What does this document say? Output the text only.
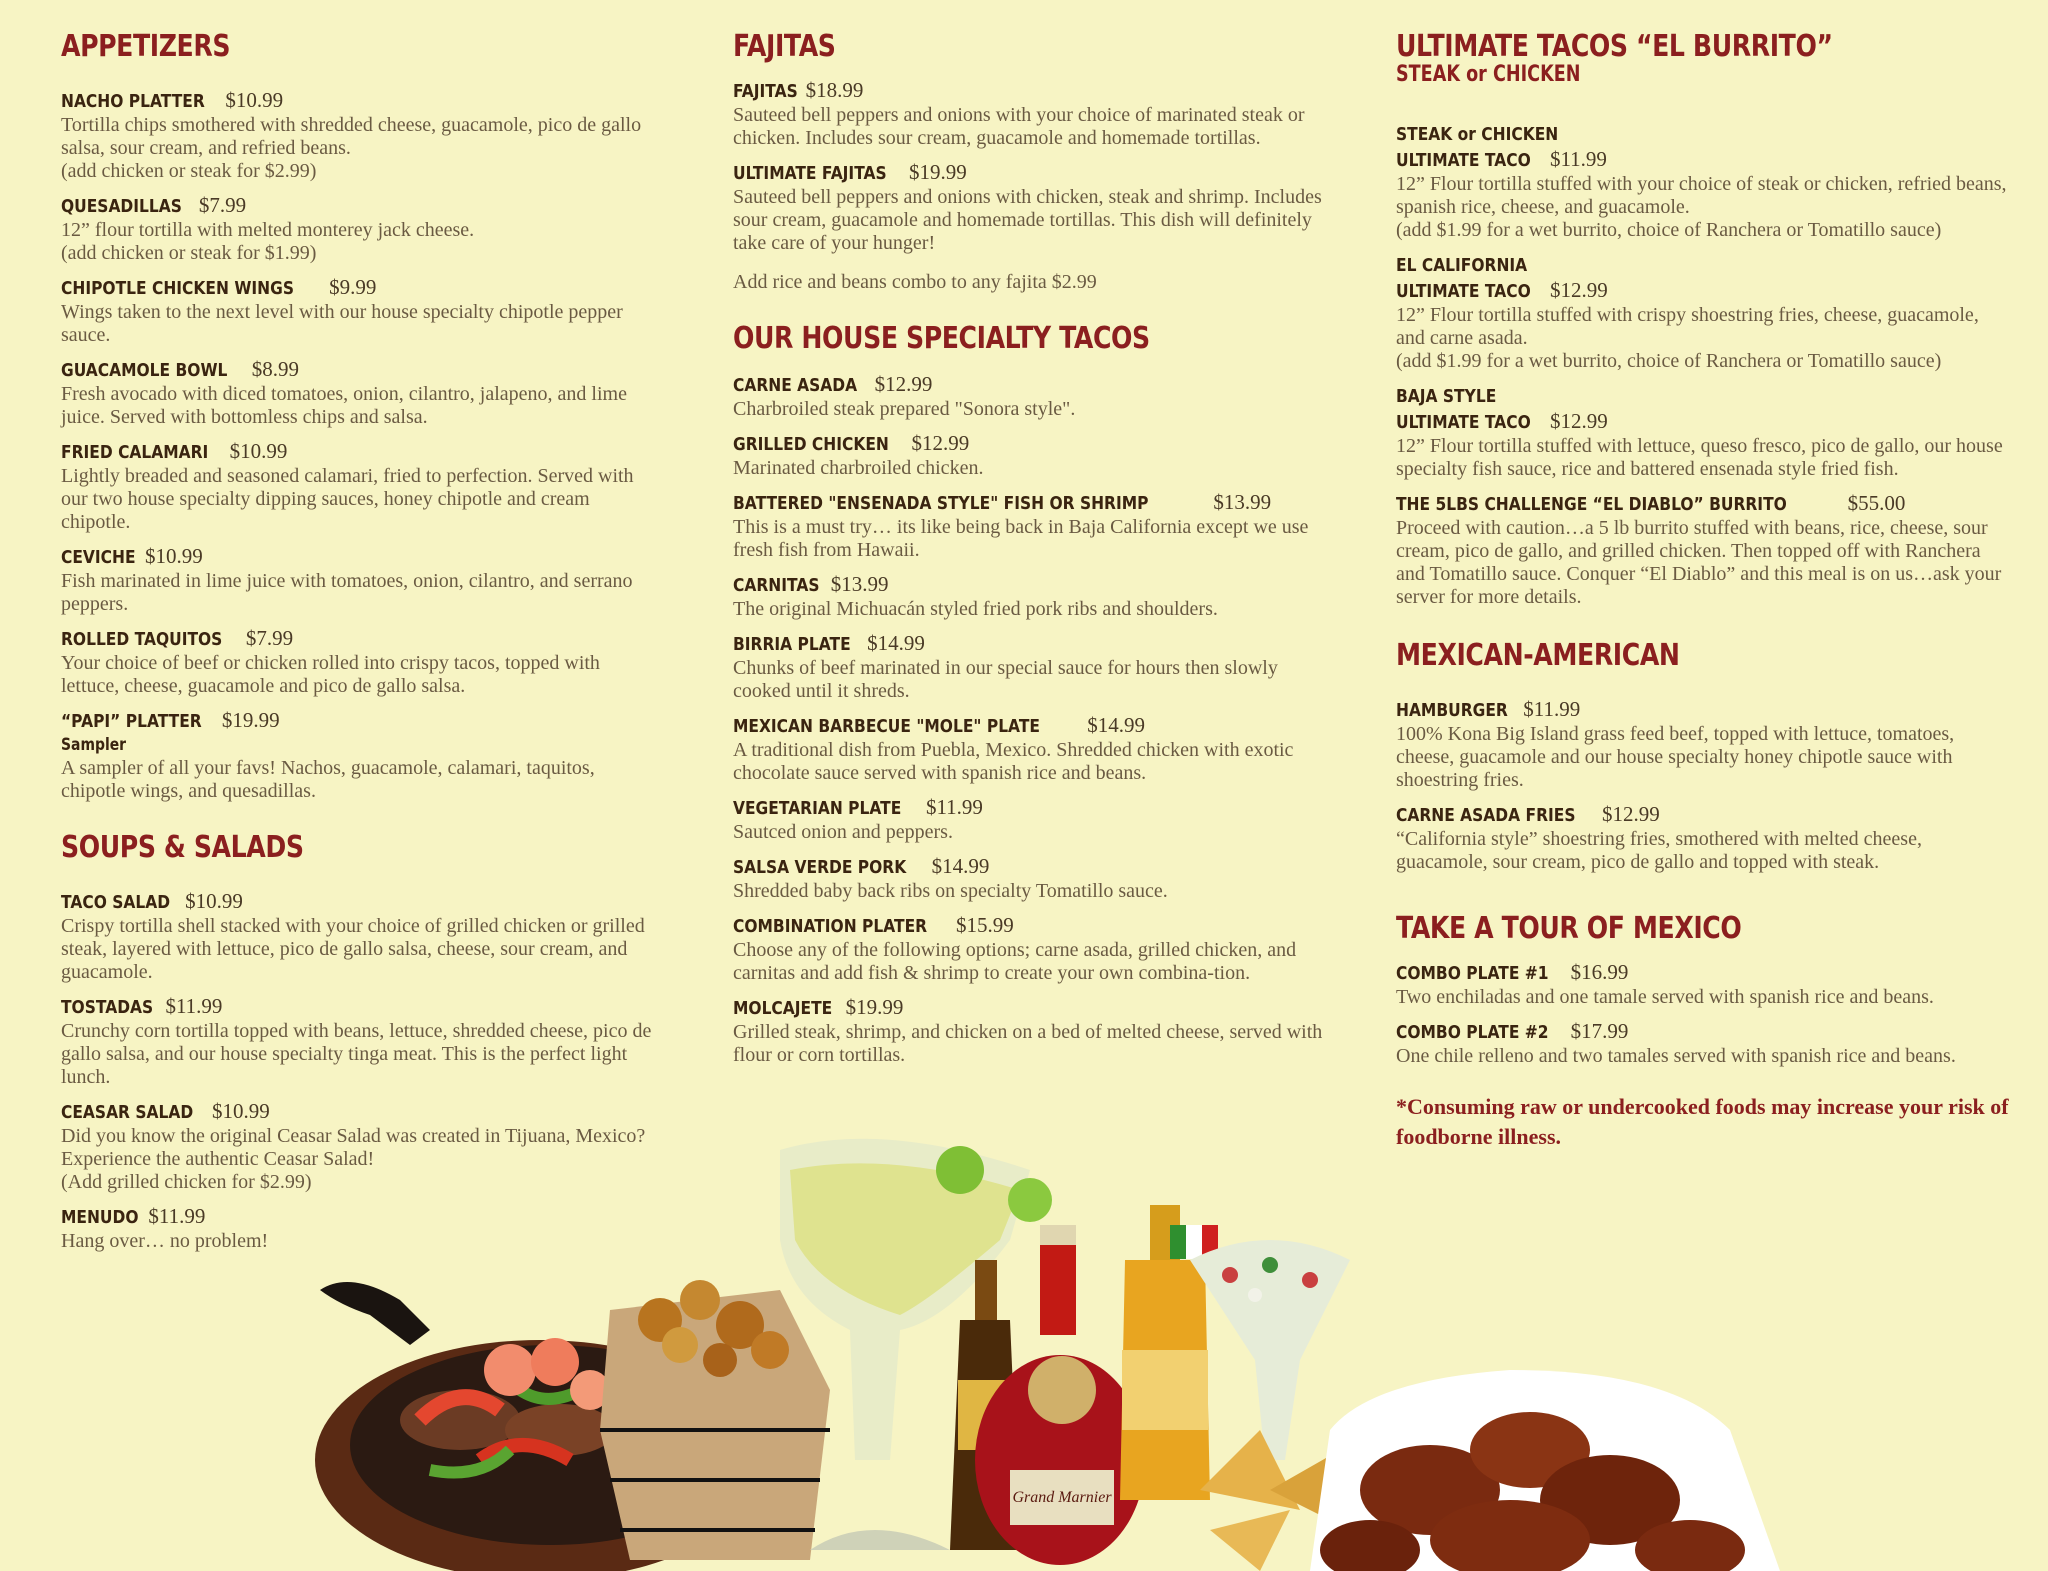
APPETIZERS
NACHO PLATTER $10.99
Tortilla chips smothered with shredded cheese, guacamole, pico de gallo salsa, sour cream, and refried beans.
(add chicken or steak for $2.99)
QUESADILLAS $7.99
12” flour tortilla with melted monterey jack cheese.
(add chicken or steak for $1.99)
CHIPOTLE CHICKEN WINGS $9.99
Wings taken to the next level with our house specialty chipotle pepper sauce.
GUACAMOLE BOWL $8.99
Fresh avocado with diced tomatoes, onion, cilantro, jalapeno, and lime juice. Served with bottomless chips and salsa.
FRIED CALAMARI $10.99
Lightly breaded and seasoned calamari, fried to perfection. Served with our two house specialty dipping sauces, honey chipotle and cream chipotle.
CEVICHE $10.99
Fish marinated in lime juice with tomatoes, onion, cilantro, and serrano peppers.
ROLLED TAQUITOS $7.99
Your choice of beef or chicken rolled into crispy tacos, topped with lettuce, cheese, guacamole and pico de gallo salsa.
“PAPI” PLATTER $19.99
Sampler
A sampler of all your favs! Nachos, guacamole, calamari, taquitos, chipotle wings, and quesadillas.
SOUPS & SALADS
TACO SALAD $10.99
Crispy tortilla shell stacked with your choice of grilled chicken or grilled steak, layered with lettuce, pico de gallo salsa, cheese, sour cream, and guacamole.
TOSTADAS $11.99
Crunchy corn tortilla topped with beans, lettuce, shredded cheese, pico de gallo salsa, and our house specialty tinga meat. This is the perfect light lunch.
CEASAR SALAD $10.99
Did you know the original Ceasar Salad was created in Tijuana, Mexico? Experience the authentic Ceasar Salad!
(Add grilled chicken for $2.99)
MENUDO $11.99
Hang over… no problem!
FAJITAS
FAJITAS $18.99
Sauteed bell peppers and onions with your choice of marinated steak or chicken. Includes sour cream, guacamole and homemade tortillas.
ULTIMATE FAJITAS $19.99
Sauteed bell peppers and onions with chicken, steak and shrimp. Includes sour cream, guacamole and homemade tortillas. This dish will definitely take care of your hunger!
Add rice and beans combo to any fajita $2.99
OUR HOUSE SPECIALTY TACOS
CARNE ASADA $12.99
Charbroiled steak prepared "Sonora style".
GRILLED CHICKEN $12.99
Marinated charbroiled chicken.
BATTERED "ENSENADA STYLE" FISH OR SHRIMP	$13.99
This is a must try… its like being back in Baja California except we use fresh fish from Hawaii.
CARNITAS $13.99
The original Michuacán styled fried pork ribs and shoulders.
BIRRIA PLATE $14.99
Chunks of beef marinated in our special sauce for hours then slowly cooked until it shreds.
MEXICAN BARBECUE "MOLE" PLATE $14.99
A traditional dish from Puebla, Mexico. Shredded chicken with exotic chocolate sauce served with spanish rice and beans.
VEGETARIAN PLATE $11.99
Sautced onion and peppers.
SALSA VERDE PORK $14.99
Shredded baby back ribs on specialty Tomatillo sauce.
COMBINATION PLATER $15.99
Choose any of the following options; carne asada, grilled chicken, and carnitas and add fish & shrimp to create your own combina-tion.
MOLCAJETE $19.99
Grilled steak, shrimp, and chicken on a bed of melted cheese, served with flour or corn tortillas.
ULTIMATE TACOS “EL BURRITO”
STEAK or CHICKEN
STEAK or CHICKEN
ULTIMATE TACO $11.99
12” Flour tortilla stuffed with your choice of steak or chicken, refried beans, spanish rice, cheese, and guacamole.
(add $1.99 for a wet burrito, choice of Ranchera or Tomatillo sauce)
EL CALIFORNIA
ULTIMATE TACO $12.99
12” Flour tortilla stuffed with crispy shoestring fries, cheese, guacamole, and carne asada.
(add $1.99 for a wet burrito, choice of Ranchera or Tomatillo sauce)
BAJA STYLE
ULTIMATE TACO $12.99
12” Flour tortilla stuffed with lettuce, queso fresco, pico de gallo, our house specialty fish sauce, rice and battered ensenada style fried fish.
THE 5LBS CHALLENGE “EL DIABLO” BURRITO	$55.00
Proceed with caution…a 5 lb burrito stuffed with beans, rice, cheese, sour cream, pico de gallo, and grilled chicken. Then topped off with Ranchera and Tomatillo sauce. Conquer “El Diablo” and this meal is on us…ask your server for more details.
MEXICAN-AMERICAN
HAMBURGER $11.99
100% Kona Big Island grass feed beef, topped with lettuce, tomatoes, cheese, guacamole and our house specialty honey chipotle sauce with shoestring fries.
CARNE ASADA FRIES $12.99
“California style” shoestring fries, smothered with melted cheese, guacamole, sour cream, pico de gallo and topped with steak.
TAKE A TOUR OF MEXICO
COMBO PLATE #1 $16.99
Two enchiladas and one tamale served with spanish rice and beans.
COMBO PLATE #2 $17.99
One chile relleno and two tamales served with spanish rice and beans.
*Consuming raw or undercooked foods may increase your risk of foodborne illness.
Grand Marnier
